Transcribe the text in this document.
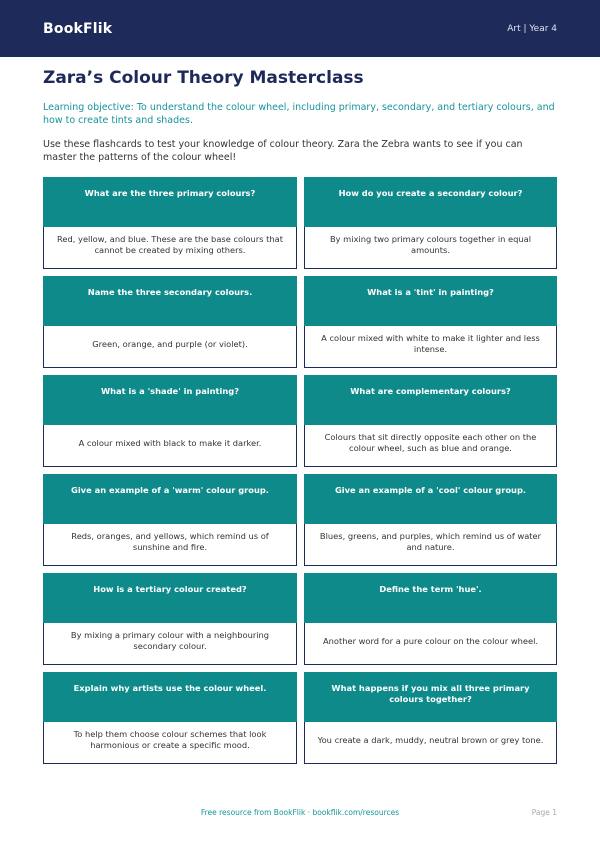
BookFlik	Art | Year 4
Zara’s Colour Theory Masterclass
Learning objective: To understand the colour wheel, including primary, secondary, and tertiary colours, and how to create tints and shades.
Use these flashcards to test your knowledge of colour theory. Zara the Zebra wants to see if you can master the patterns of the colour wheel!
What are the three primary colours?
Red, yellow, and blue. These are the base colours that cannot be created by mixing others.
How do you create a secondary colour?
By mixing two primary colours together in equal amounts.
Name the three secondary colours.
Green, orange, and purple (or violet).
What is a 'tint' in painting?
A colour mixed with white to make it lighter and less intense.
What is a 'shade' in painting?
A colour mixed with black to make it darker.
What are complementary colours?
Colours that sit directly opposite each other on the colour wheel, such as blue and orange.
Give an example of a 'warm' colour group.
Reds, oranges, and yellows, which remind us of sunshine and fire.
Give an example of a 'cool' colour group.
Blues, greens, and purples, which remind us of water and nature.
How is a tertiary colour created?
By mixing a primary colour with a neighbouring secondary colour.
Define the term 'hue'.
Another word for a pure colour on the colour wheel.
Explain why artists use the colour wheel.
To help them choose colour schemes that look harmonious or create a specific mood.
What happens if you mix all three primary colours together?
You create a dark, muddy, neutral brown or grey tone.
Free resource from BookFlik · bookflik.com/resources	Page 1
